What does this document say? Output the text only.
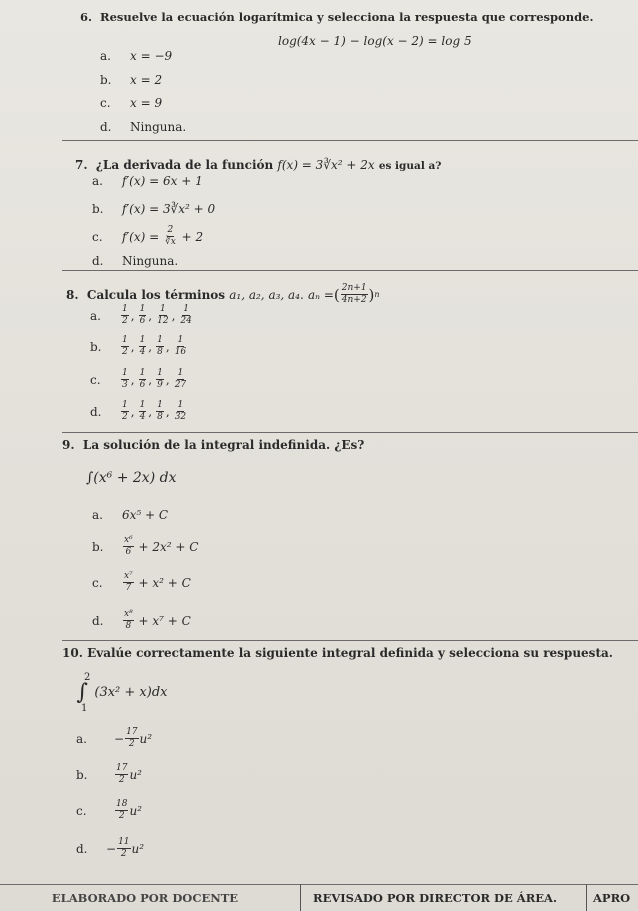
6. Resuelve la ecuación logarítmica y selecciona la respuesta que corresponde.
log(4x − 1) − log(x − 2) = log 5
a.	x = −9
b.	x = 2
c.	x = 9
d.	Ninguna.
7. ¿La derivada de la función f(x) = 3∛x² + 2x es igual a?
a.	f′(x) = 6x + 1
b.	f′(x) = 3∛x² + 0
c.	f′(x) =
$\frac{2}{∛x}$
+ 2
d.	Ninguna.
8.
Calcula los términos
a₁, a₂, a₃, a₄.
aₙ = ( $\frac{2n+1}{4n+2}$ ) n
a.	$\frac{1}{2}$ , $\frac{1}{6}$ , $\frac{1}{12}$ , $\frac{1}{24}$
b.	$\frac{1}{2}$ , $\frac{1}{4}$ , $\frac{1}{8}$ , $\frac{1}{16}$
c.	$\frac{1}{3}$ , $\frac{1}{6}$ , $\frac{1}{9}$ , $\frac{1}{27}$
d.	$\frac{1}{2}$ , $\frac{1}{4}$ , $\frac{1}{8}$ , $\frac{1}{32}$
9. La solución de la integral indefinida. ¿Es?
∫(x⁶ + 2x) dx
a.	6x⁵ + C
b.	$\frac{\text{x⁶}}{6}$
+ 2x² + C
c.	$\frac{\text{x⁷}}{7}$
+ x² + C
d.	$\frac{\text{x⁸}}{8}$
+ x⁷ + C
10. Evalúe correctamente la siguiente integral definida y selecciona su respuesta.
2
∫
1
(3x² + x)dx
a.	− $\frac{17}{2} u^2$
b.	$\frac{17}{2} u^2$
c.	$\frac{18}{2} u^2$
d.	− $\frac{11}{2} u^2$
ELABORADO POR DOCENTE	REVISADO POR DIRECTOR DE ÁREA.	APRO
